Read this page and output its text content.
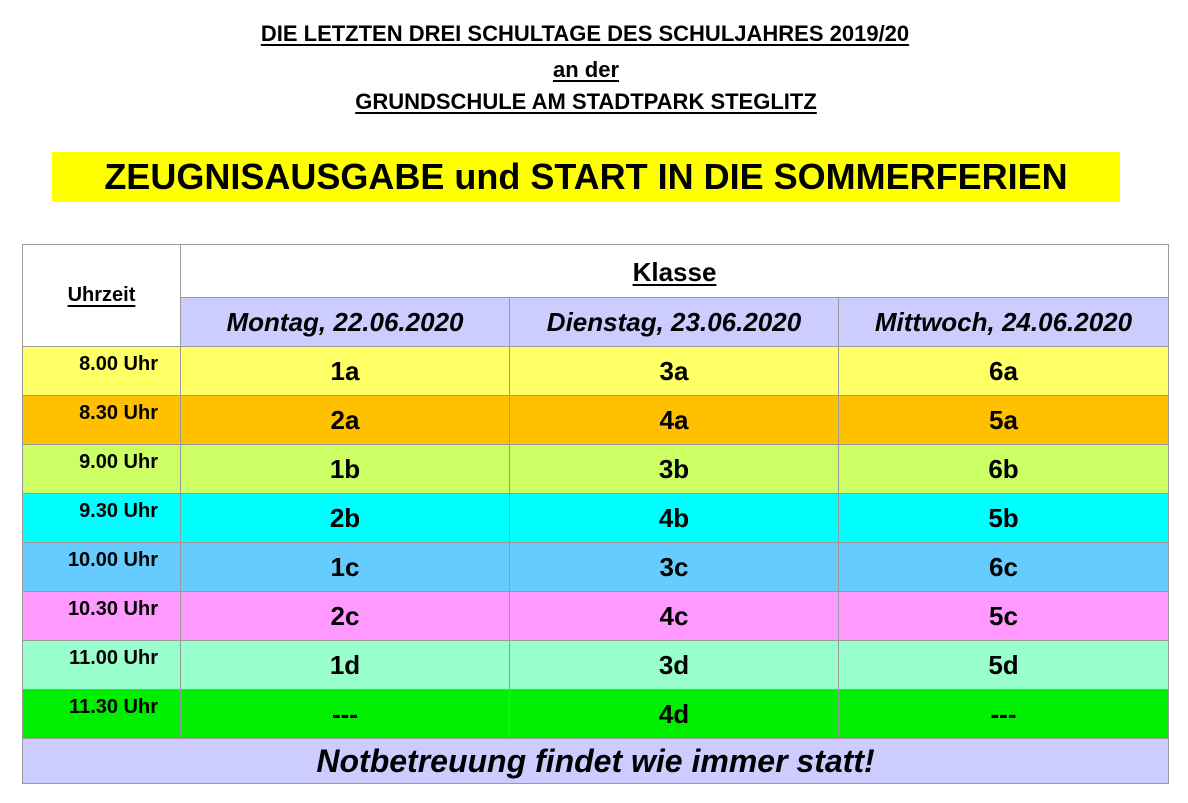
DIE LETZTEN DREI SCHULTAGE DES SCHULJAHRES 2019/20
an der
GRUNDSCHULE AM STADTPARK STEGLITZ
ZEUGNISAUSGABE und START IN DIE SOMMERFERIEN
Uhrzeit	Klasse		
	Montag, 22.06.2020	Dienstag, 23.06.2020	Mittwoch, 24.06.2020
8.00 Uhr	1a	3a	6a
8.30 Uhr	2a	4a	5a
9.00 Uhr	1b	3b	6b
9.30 Uhr	2b	4b	5b
10.00 Uhr	1c	3c	6c
10.30 Uhr	2c	4c	5c
11.00 Uhr	1d	3d	5d
11.30 Uhr	---	4d	---
Notbetreuung findet wie immer statt!			
